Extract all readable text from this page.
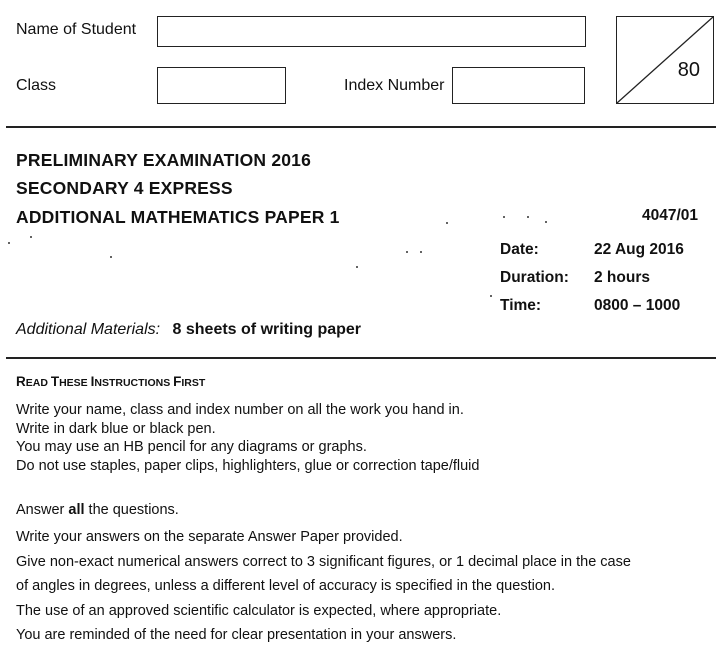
Name of Student
Class	Index Number
80
PRELIMINARY EXAMINATION 2016
SECONDARY 4 EXPRESS
ADDITIONAL MATHEMATICS PAPER 1	4047/01
Date:	22 Aug 2016
Duration: 2 hours
Time:	0800 – 1000
Additional Materials: 8 sheets of writing paper
READ THESE INSTRUCTIONS FIRST
Write your name, class and index number on all the work you hand in.
Write in dark blue or black pen.
You may use an HB pencil for any diagrams or graphs.
Do not use staples, paper clips, highlighters, glue or correction tape/fluid
Answer all the questions.
Write your answers on the separate Answer Paper provided.
Give non-exact numerical answers correct to 3 significant figures, or 1 decimal place in the case
of angles in degrees, unless a different level of accuracy is specified in the question.
The use of an approved scientific calculator is expected, where appropriate.
You are reminded of the need for clear presentation in your answers.
